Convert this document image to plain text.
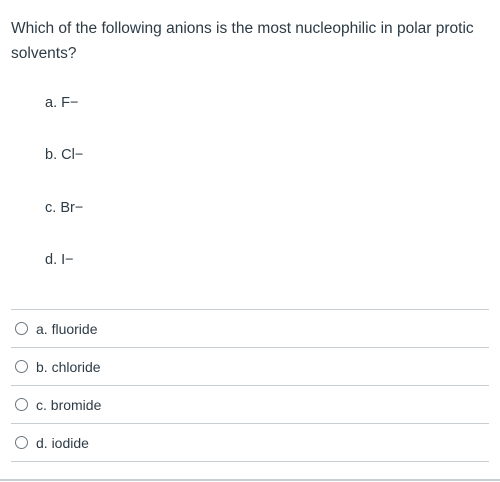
Which of the following anions is the most nucleophilic in polar protic solvents?
a. F−
b. Cl−
c. Br−
d. I−
a. fluoride
b. chloride
c. bromide
d. iodide
